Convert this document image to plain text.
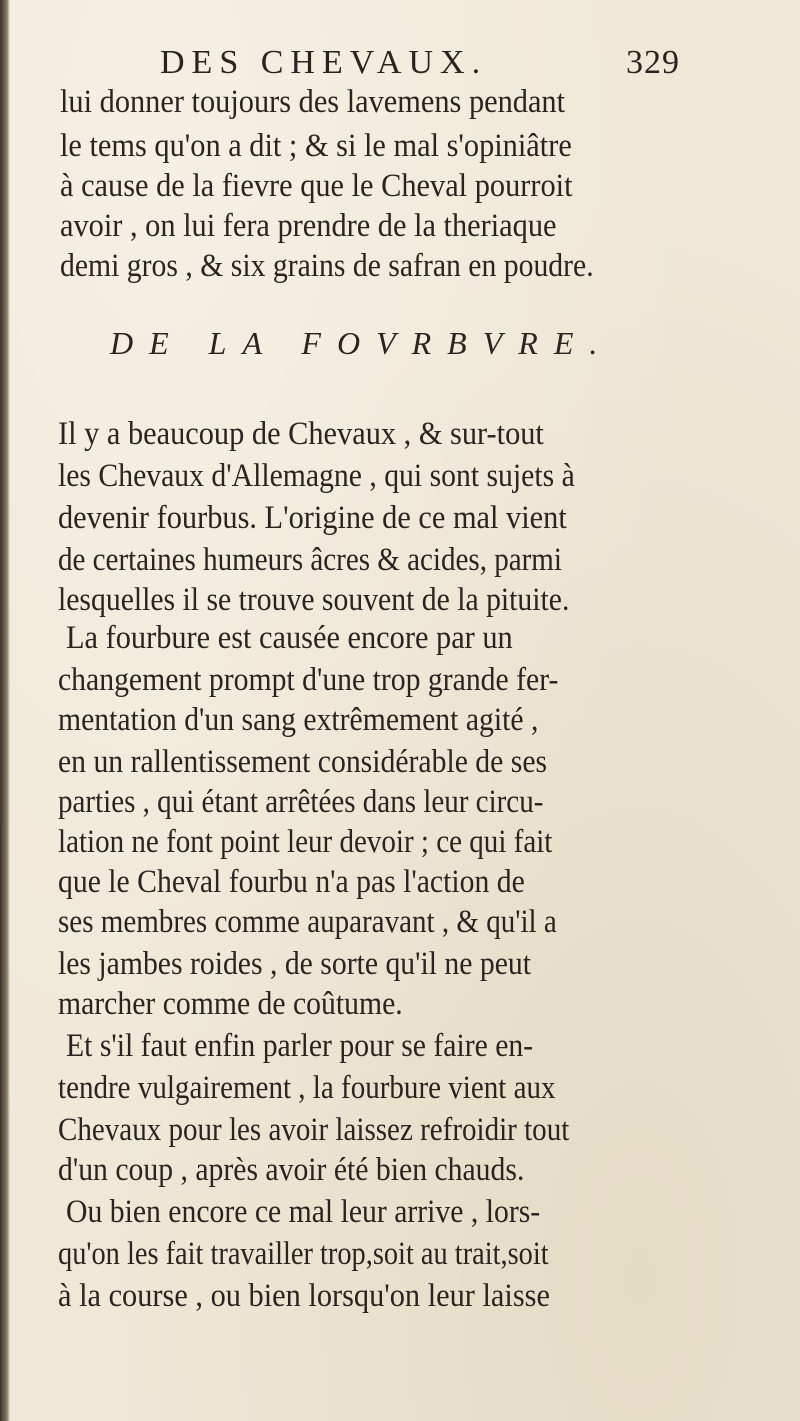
DES CHEVAUX.	329
lui donner toujours des lavemens pendant
le tems qu'on a dit ; & si le mal s'opiniâtre
à cause de la fievre que le Cheval pourroit
avoir , on lui fera prendre de la theriaque
demi gros , & six grains de safran en poudre.
DE LA FOVRBVRE.
Il y a beaucoup de Chevaux , & sur-tout
les Chevaux d'Allemagne , qui sont sujets à
devenir fourbus. L'origine de ce mal vient
de certaines humeurs âcres & acides, parmi
lesquelles il se trouve souvent de la pituite.
La fourbure est causée encore par un
changement prompt d'une trop grande fer-
mentation d'un sang extrêmement agité ,
en un rallentissement considérable de ses
parties , qui étant arrêtées dans leur circu-
lation ne font point leur devoir ; ce qui fait
que le Cheval fourbu n'a pas l'action de
ses membres comme auparavant , & qu'il a
les jambes roides , de sorte qu'il ne peut
marcher comme de coûtume.
Et s'il faut enfin parler pour se faire en-
tendre vulgairement , la fourbure vient aux
Chevaux pour les avoir laissez refroidir tout
d'un coup , après avoir été bien chauds.
Ou bien encore ce mal leur arrive , lors-
qu'on les fait travailler trop,soit au trait,soit
à la course , ou bien lorsqu'on leur laisse
